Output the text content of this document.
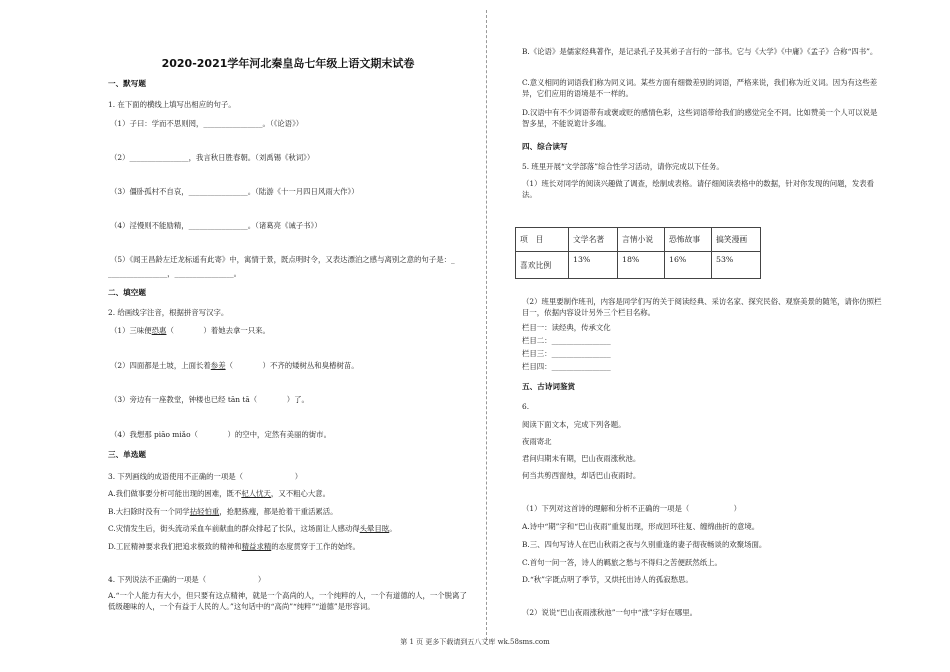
2020-2021学年河北秦皇岛七年级上语文期末试卷
一、默写题
1. 在下面的横线上填写出相应的句子。
（1）子曰：学而不思则罔，________________。（《论语》）
（2）________________，我言秋日胜春朝。（刘禹锡《秋词》）
（3）僵卧孤村不自哀，________________。（陆游《十一月四日风雨大作》）
（4）淫慢则不能励精，________________。（诸葛亮《诫子书》）
（5）《闻王昌龄左迁龙标遥有此寄》中，寓情于景，既点明时令，又表达漂泊之感与离别之意的句子是：_
________________，________________。
二、填空题
2. 给画线字注音，根据拼音写汉字。
（1）三味便恐惠（　　　　）着她去拿一只来。
（2）四面都是土坡，上面长着参差（　　　　）不齐的矮树丛和臭椿树苗。
（3）旁边有一座教堂，钟楼也已经 tān tā（　　　　）了。
（4）我想那 piāo miǎo（　　　　）的空中，定然有美丽的街市。
三、单选题
3. 下列画线的成语使用不正确的一项是（　　　　　　　）
A.我们做事要分析可能出现的困难，既不杞人忧天，又不粗心大意。
B.大扫除时没有一个同学拈轻怕重，抢肥拣瘦，都是抢着干重活累活。
C.灾情发生后，街头流动采血车前献血的群众排起了长队，这场面让人感动得头晕目眩。
D.工匠精神要求我们把追求极致的精神和精益求精的态度贯穿于工作的始终。
4. 下列说法不正确的一项是（　　　　　　　）
A.“一个人能力有大小，但只要有这点精神，就是一个高尚的人，一个纯粹的人，一个有道德的人，一个脱离了低级趣味的人，一个有益于人民的人。”这句话中的“高尚”“纯粹”“道德”是形容词。
B.《论语》是儒家经典著作，是记录孔子及其弟子言行的一部书。它与《大学》《中庸》《孟子》合称“四书”。
C.意义相同的词语我们称为同义词。某些方面有细微差别的词语，严格来说，我们称为近义词。因为有这些差异，它们应用的语境是不一样的。
D.汉语中有不少词语带有或褒或贬的感情色彩，这些词语带给我们的感觉完全不同。比如赞美一个人可以说是智多星，不能说诡计多端。
四、综合读写
5. 班里开展“文学部落”综合性学习活动，请你完成以下任务。
（1）班长对同学的阅读兴趣做了调查，绘制成表格。请仔细阅读表格中的数据，针对你发现的问题，发表看法。
项　目	文学名著	言情小说	恐怖故事	搞笑漫画
喜欢比例	13%	18%	16%	53%
（2）班里要制作班刊，内容是同学们写的关于阅读经典、采访名家、探究民俗、观察美景的随笔，请你仿照栏目一，依据内容设计另外三个栏目名称。
栏目一：读经典，传承文化
栏目二：________________
栏目三：________________
栏目四：________________
五、古诗词鉴赏
6.
阅读下面文本，完成下列各题。
夜雨寄北
君问归期未有期，巴山夜雨涨秋池。
何当共剪西窗烛，却话巴山夜雨时。
（1）下列对这首诗的理解和分析不正确的一项是（　　　　　　）
A.诗中“期”字和“巴山夜雨”重复出现，形成回环往复、缠绵曲折的意境。
B.三、四句写诗人在巴山秋雨之夜与久别重逢的妻子彻夜畅谈的欢聚场面。
C.首句一问一答，诗人的羁旅之愁与不得归之苦便跃然纸上。
D.“秋”字既点明了季节，又烘托出诗人的孤寂愁思。
（2）说说“巴山夜雨涨秋池”一句中“涨”字好在哪里。
第 1 页 更多下载请到五八文库 wk.58sms.com
